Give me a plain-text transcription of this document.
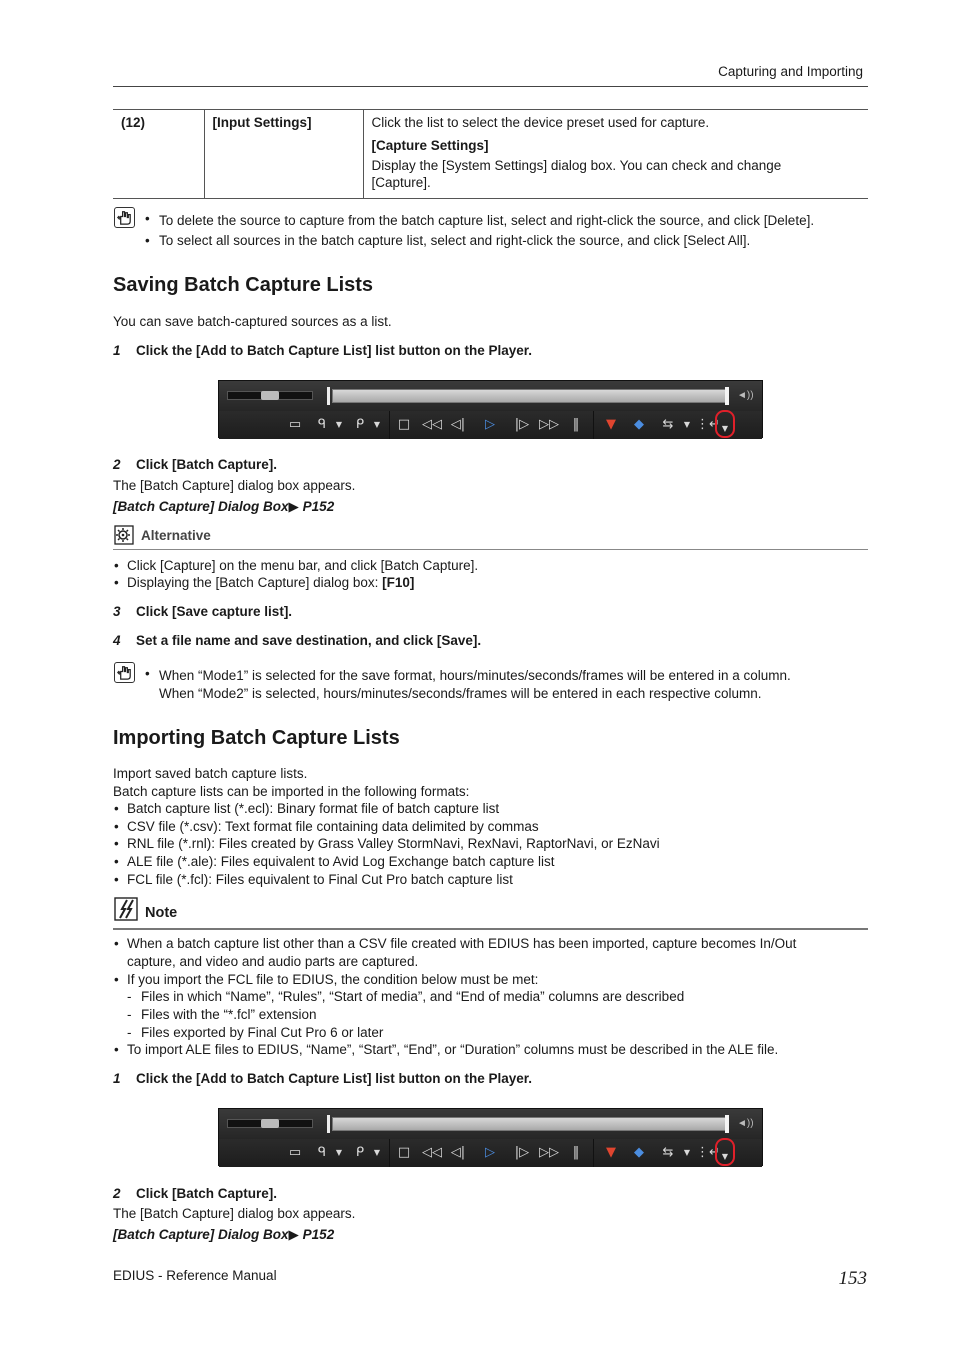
Capturing and Importing
(12)	[Input Settings]	Click the list to select the device preset used for capture.
[Capture Settings]
Display the [System Settings] dialog box. You can check and change
[Capture].
• To delete the source to capture from the batch capture list, select and right-click the source, and click [Delete].
• To select all sources in the batch capture list, select and right-click the source, and click [Select All].
Saving Batch Capture Lists
You can save batch-captured sources as a list.
1 Click the [Add to Batch Capture List] list button on the Player.
◄))
▭ ᑫ	▼ ᑭ	▼ □ ◁◁ ◁|	▷	|▷ ▷▷ ‖	▼	◆	⇆	▼ ⋮↵ ▼
2 Click [Batch Capture].
The [Batch Capture] dialog box appears.
[Batch Capture] Dialog Box▶ P152
Alternative
• Click [Capture] on the menu bar, and click [Batch Capture].
• Displaying the [Batch Capture] dialog box: [F10]
3 Click [Save capture list].
4 Set a file name and save destination, and click [Save].
• When “Mode1” is selected for the save format, hours/minutes/seconds/frames will be entered in a column.
When “Mode2” is selected, hours/minutes/seconds/frames will be entered in each respective column.
Importing Batch Capture Lists
Import saved batch capture lists.
Batch capture lists can be imported in the following formats:
• Batch capture list (*.ecl): Binary format file of batch capture list
• CSV file (*.csv): Text format file containing data delimited by commas
• RNL file (*.rnl): Files created by Grass Valley StormNavi, RexNavi, RaptorNavi, or EzNavi
• ALE file (*.ale): Files equivalent to Avid Log Exchange batch capture list
• FCL file (*.fcl): Files equivalent to Final Cut Pro batch capture list
Note
• When a batch capture list other than a CSV file created with EDIUS has been imported, capture becomes In/Out
capture, and video and audio parts are captured.
• If you import the FCL file to EDIUS, the condition below must be met:
- Files in which “Name”, “Rules”, “Start of media”, and “End of media” columns are described
- Files with the “*.fcl” extension
- Files exported by Final Cut Pro 6 or later
• To import ALE files to EDIUS, “Name”, “Start”, “End”, or “Duration” columns must be described in the ALE file.
1 Click the [Add to Batch Capture List] list button on the Player.
◄))
▭ ᑫ	▼ ᑭ	▼ □ ◁◁ ◁|	▷	|▷ ▷▷ ‖	▼	◆	⇆	▼ ⋮↵ ▼
2 Click [Batch Capture].
The [Batch Capture] dialog box appears.
[Batch Capture] Dialog Box▶ P152
EDIUS - Reference Manual	153
